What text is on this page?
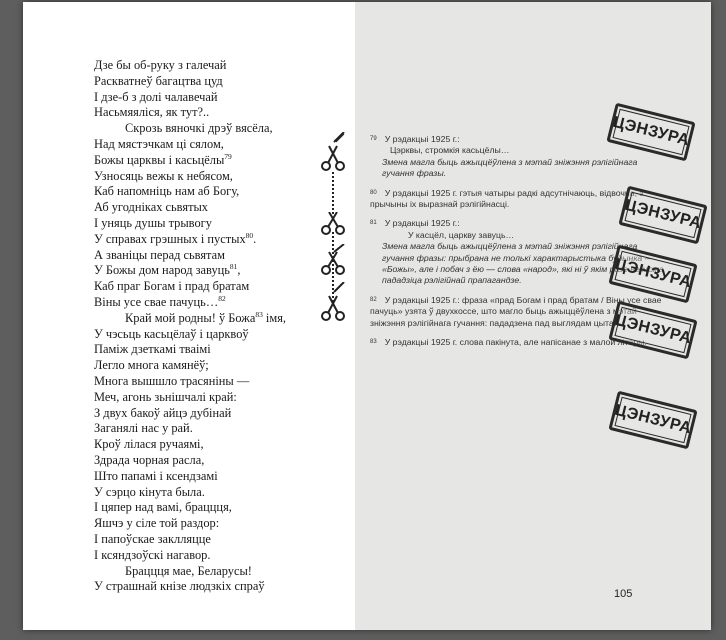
Дзе бы об-руку з галечай
Раскватнеў багацтва цуд
І дзе-б з долі чалавечай
Насьмяяліся, як тут?..
Скрозь вяночкі дрэў вясёла,
Над мястэчкам ці сялом,
Божы царквы і касьцёлы$^{79}$
Узносяць вежы к небясом,
Каб напомніць нам аб Богу,
Аб угодніках сьвятых
І уняць душы трывогу
У справах грэшных і пустых$^{80}$.
А званіцы перад сьвятам
У Божы дом народ завуць$^{81}$,
Каб праг Богам і прад братам
Віны усе свае пачуць…$^{82}$
Край мой родны! ў Божа$^{83}$ імя,
У чэсьць касьцёлаў і царквоў
Паміж дзеткамі тваімі
Легло многа камянёў;
Многа вышшло трасяніны —
Меч, агонь зьнішчалі край:
З двух бакоў айцэ дубінай
Заганялі нас у рай.
Кроў лілася ручаямі,
Здрада чорная расла,
Што папамі і ксендзамі
У сэрцо кінута была.
І цяпер над вамі, браццця,
Яшчэ у сіле той раздор:
І папоўскае заклляцце
І ксяндзоўскі нагавор.
Браццця мае, Беларусы!
У страшнай кнізе людзкіх спраў
$^{79}$ У рэдакцыі 1925 г.:
Цэрквы, стромкія касьцёлы…
Змена магла быць ажыццёўлена з мэтай зніжэння рэлігійнага гучання фразы.
$^{80}$ У рэдакцыі 1925 г. гэтыя чатыры радкі адсутнічаюць, відвочна, з прычыны іх выразнай рэлігійнасці.
$^{81}$ У рэдакцыі 1925 г.:
У касцёл, царкву завуць…
Змена магла быць ажыццёўлена з мэтай зніжэння рэлігійнага гучання фразы: прыбрана не толькі характарыстыка будынка — «Божы», але і побач з ёю — слова «народ», які ні ў якім разе не можа пададзіца рэлігійнай прапагандзе.
$^{82}$ У рэдакцыі 1925 г.: фраза «прад Богам і прад братам / Віны усе свае пачуць» узята ў двухкоссе, што магло быць ажыццёўлена з мэтай зніжэння рэлігійнага гучання: пададзена пад выглядам цытаты.
$^{83}$ У рэдакцыі 1925 г. слова пакінута, але напісанае з малой літары.
ЦЭНЗУРА
ЦЭНЗУРА
ЦЭНЗУРА
ЦЭНЗУРА
ЦЭНЗУРА
105
